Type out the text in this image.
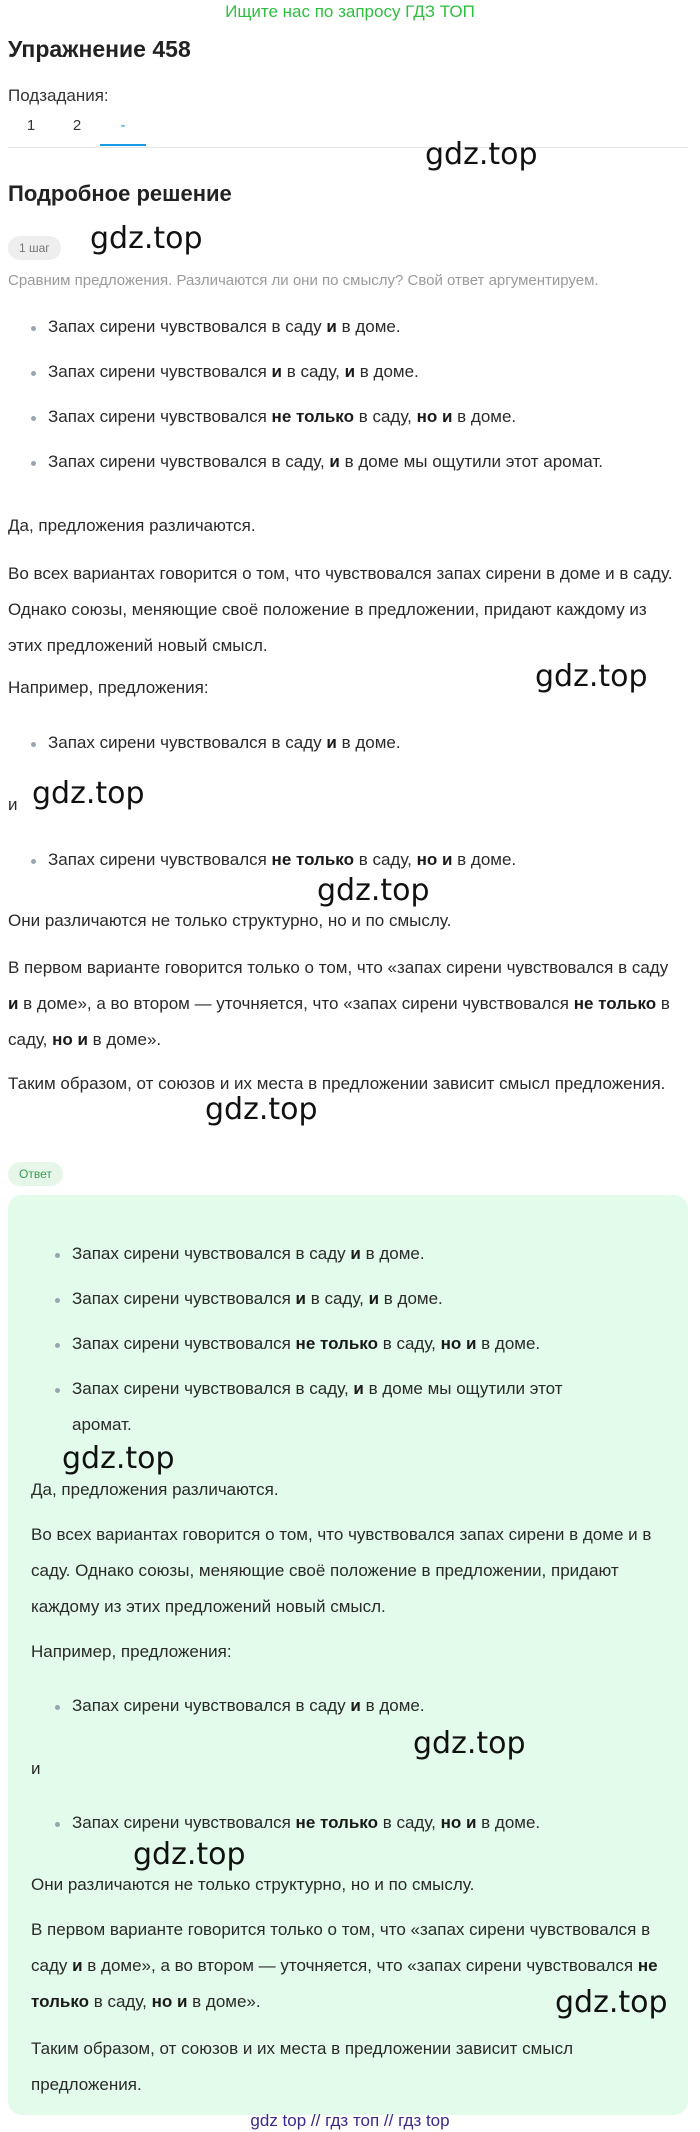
Ищите нас по запросу ГДЗ ТОП
Упражнение 458
Подзадания:
1	2	-
gdz.top
Подробное решение
1 шаг	gdz.top
Сравним предложения. Различаются ли они по смыслу? Свой ответ аргументируем.
Запах сирени чувствовался в саду и в доме.
Запах сирени чувствовался и в саду, и в доме.
Запах сирени чувствовался не только в саду, но и в доме.
Запах сирени чувствовался в саду, и в доме мы ощутили этот аромат.
Да, предложения различаются.
Во всех вариантах говорится о том, что чувствовался запах сирени в доме и в саду. Однако союзы, меняющие своё положение в предложении, придают каждому из этих предложений новый смысл.
Например, предложения:	gdz.top
Запах сирени чувствовался в саду и в доме.
и gdz.top
Запах сирени чувствовался не только в саду, но и в доме.
gdz.top
Они различаются не только структурно, но и по смыслу.
В первом варианте говорится только о том, что «запах сирени чувствовался в саду и в доме», а во втором — уточняется, что «запах сирени чувствовался не только в саду, но и в доме».
Таким образом, от союзов и их места в предложении зависит смысл предложения.
gdz.top
Ответ
Запах сирени чувствовался в саду и в доме.
Запах сирени чувствовался и в саду, и в доме.
Запах сирени чувствовался не только в саду, но и в доме.
Запах сирени чувствовался в саду, и в доме мы ощутили этот
аромат.
gdz.top
Да, предложения различаются.
Во всех вариантах говорится о том, что чувствовался запах сирени в доме и в саду. Однако союзы, меняющие своё положение в предложении, придают каждому из этих предложений новый смысл.
Например, предложения:
Запах сирени чувствовался в саду и в доме.
gdz.top
и
Запах сирени чувствовался не только в саду, но и в доме.
gdz.top
Они различаются не только структурно, но и по смыслу.
В первом варианте говорится только о том, что «запах сирени чувствовался в саду и в доме», а во втором — уточняется, что «запах сирени чувствовался не только в саду, но и в доме».	gdz.top
Таким образом, от союзов и их места в предложении зависит смысл предложения.
gdz top // гдз топ // гдз top
